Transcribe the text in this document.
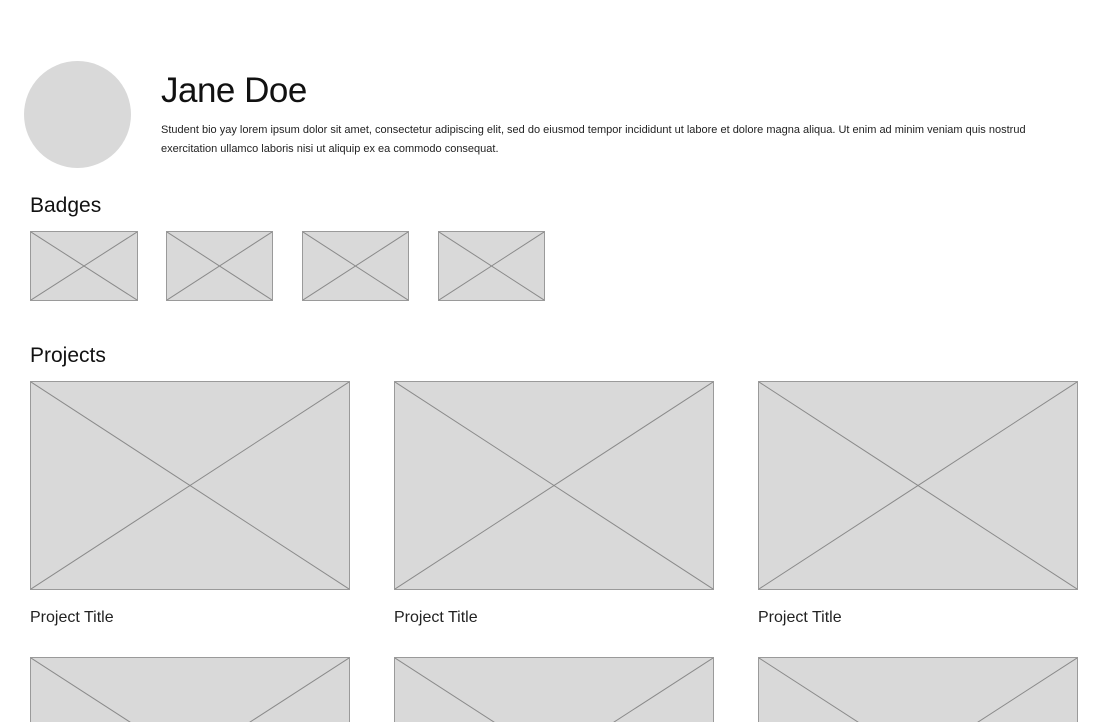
Jane Doe

Student bio yay lorem ipsum dolor sit amet, consectetur adipiscing elit, sed do eiusmod tempor incididunt ut labore et dolore magna aliqua. Ut enim ad minim veniam quis nostrud exercitation ullamco laboris nisi ut aliquip ex ea commodo consequat.

Badges
Projects

Project Title	Project Title	Project Title
